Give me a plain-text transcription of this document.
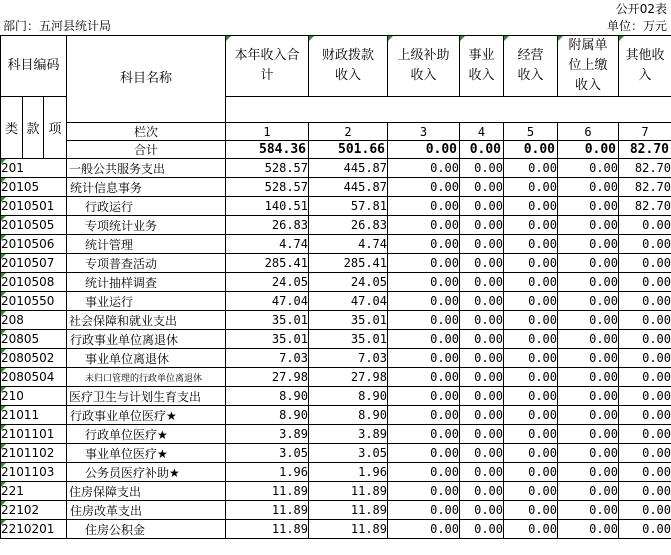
公开02表
部门：五河县统计局	单位：万元
科目编码			科目名称	本年收入合计	财政拨款收入	上级补助收入	事业收入	经营收入	附属单位上缴收入	其他收入
类	款	项								
			栏次	1	2	3	4	5	6	7
			合计	584.36	501.66	0.00	0.00	0.00	0.00	82.70
201			一般公共服务支出	528.57	445.87	0.00	0.00	0.00	0.00	82.70
20105			统计信息事务	528.57	445.87	0.00	0.00	0.00	0.00	82.70
2010501			行政运行	140.51	57.81	0.00	0.00	0.00	0.00	82.70
2010505			专项统计业务	26.83	26.83	0.00	0.00	0.00	0.00	0.00
2010506			统计管理	4.74	4.74	0.00	0.00	0.00	0.00	0.00
2010507			专项普查活动	285.41	285.41	0.00	0.00	0.00	0.00	0.00
2010508			统计抽样调查	24.05	24.05	0.00	0.00	0.00	0.00	0.00
2010550			事业运行	47.04	47.04	0.00	0.00	0.00	0.00	0.00
208			社会保障和就业支出	35.01	35.01	0.00	0.00	0.00	0.00	0.00
20805			行政事业单位离退休	35.01	35.01	0.00	0.00	0.00	0.00	0.00
2080502			事业单位离退休	7.03	7.03	0.00	0.00	0.00	0.00	0.00
2080504			未归口管理的行政单位离退休	27.98	27.98	0.00	0.00	0.00	0.00	0.00
210			医疗卫生与计划生育支出	8.90	8.90	0.00	0.00	0.00	0.00	0.00
21011			行政事业单位医疗★	8.90	8.90	0.00	0.00	0.00	0.00	0.00
2101101			行政单位医疗★	3.89	3.89	0.00	0.00	0.00	0.00	0.00
2101102			事业单位医疗★	3.05	3.05	0.00	0.00	0.00	0.00	0.00
2101103			公务员医疗补助★	1.96	1.96	0.00	0.00	0.00	0.00	0.00
221			住房保障支出	11.89	11.89	0.00	0.00	0.00	0.00	0.00
22102			住房改革支出	11.89	11.89	0.00	0.00	0.00	0.00	0.00
2210201			住房公积金	11.89	11.89	0.00	0.00	0.00	0.00	0.00
